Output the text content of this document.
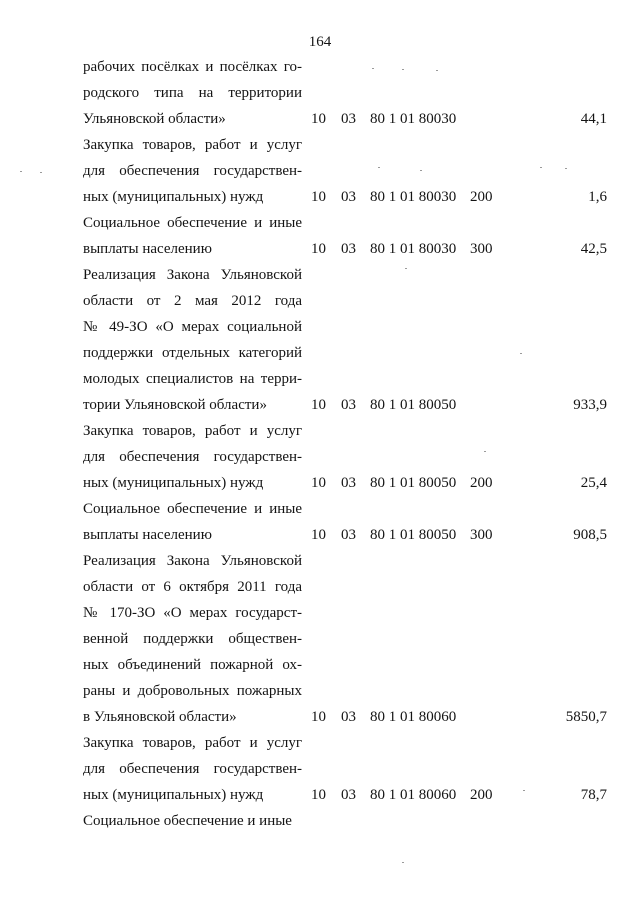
164
рабочих посёлках и посёлках го-
родского типа на территории
Ульяновской области»	10 03 80 1 01 80030	44,1
Закупка товаров, работ и услуг
для обеспечения государствен-
ных (муниципальных) нужд	10 03 80 1 01 80030 200	1,6
Социальное обеспечение и иные
выплаты населению	10 03 80 1 01 80030 300	42,5
Реализация Закона Ульяновской
области от 2 мая 2012 года
№ 49-ЗО «О мерах социальной
поддержки отдельных категорий
молодых специалистов на терри-
тории Ульяновской области»	10 03 80 1 01 80050	933,9
Закупка товаров, работ и услуг
для обеспечения государствен-
ных (муниципальных) нужд	10 03 80 1 01 80050 200	25,4
Социальное обеспечение и иные
выплаты населению	10 03 80 1 01 80050 300	908,5
Реализация Закона Ульяновской
области от 6 октября 2011 года
№ 170-ЗО «О мерах государст-
венной поддержки обществен-
ных объединений пожарной ох-
раны и добровольных пожарных
в Ульяновской области»	10 03 80 1 01 80060	5850,7
Закупка товаров, работ и услуг
для обеспечения государствен-
ных (муниципальных) нужд	10 03 80 1 01 80060 200	78,7
Социальное обеспечение и иные
